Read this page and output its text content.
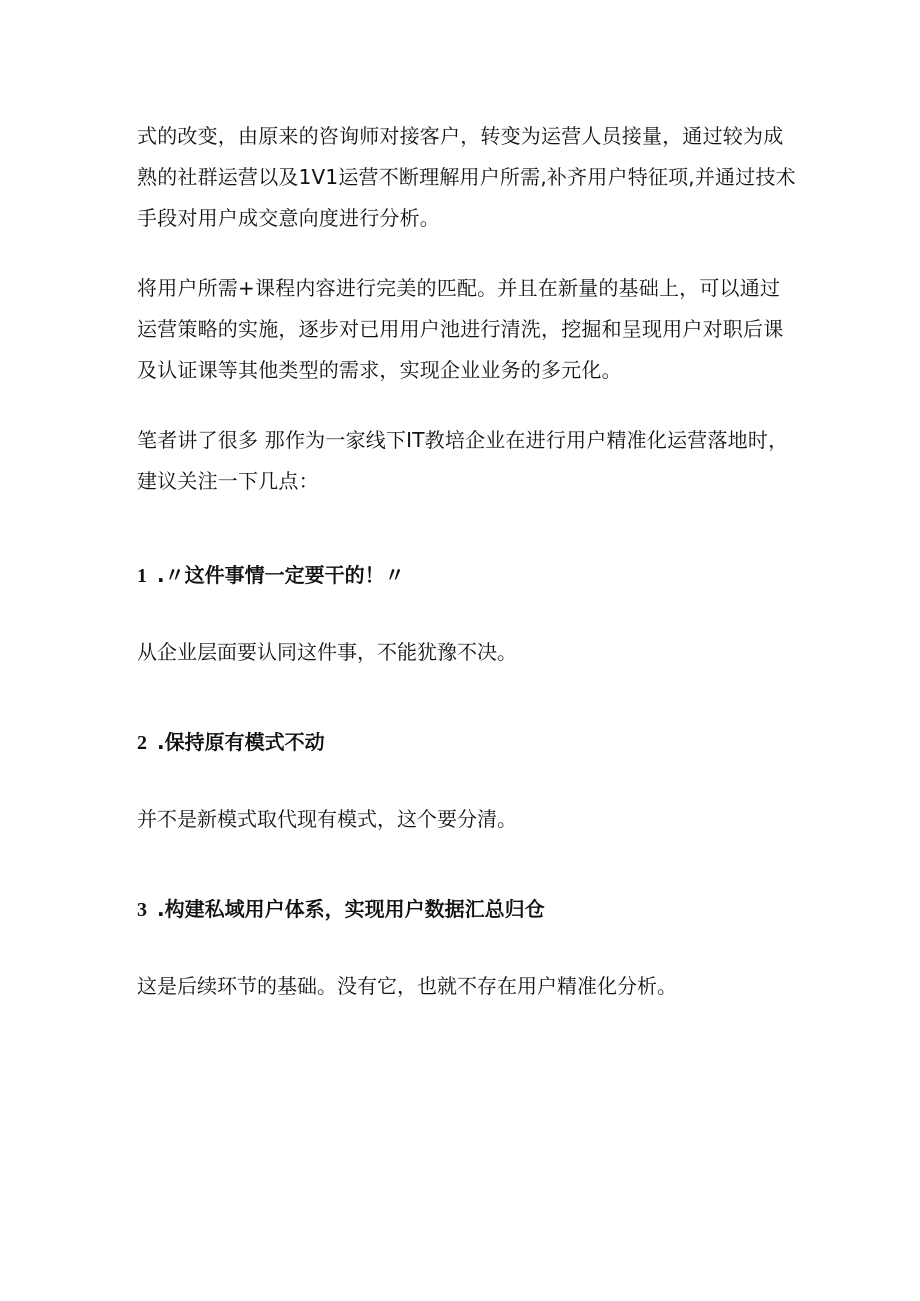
式的改变，由原来的咨询师对接客户，转变为运营人员接量，通过较为成熟的社群运营以及1V1运营不断理解用户所需,补齐用户特征项,并通过技术手段对用户成交意向度进行分析。

将用户所需+课程内容进行完美的匹配。并且在新量的基础上，可以通过运营策略的实施，逐步对已用用户池进行清洗，挖掘和呈现用户对职后课及认证课等其他类型的需求，实现企业业务的多元化。

笔者讲了很多 那作为一家线下IT教培企业在进行用户精准化运营落地时，建议关注一下几点：

1 .〃这件事情一定要干的！〃

从企业层面要认同这件事，不能犹豫不决。

2 .保持原有模式不动

并不是新模式取代现有模式，这个要分清。

3 .构建私域用户体系，实现用户数据汇总归仓

这是后续环节的基础。没有它，也就不存在用户精准化分析。
